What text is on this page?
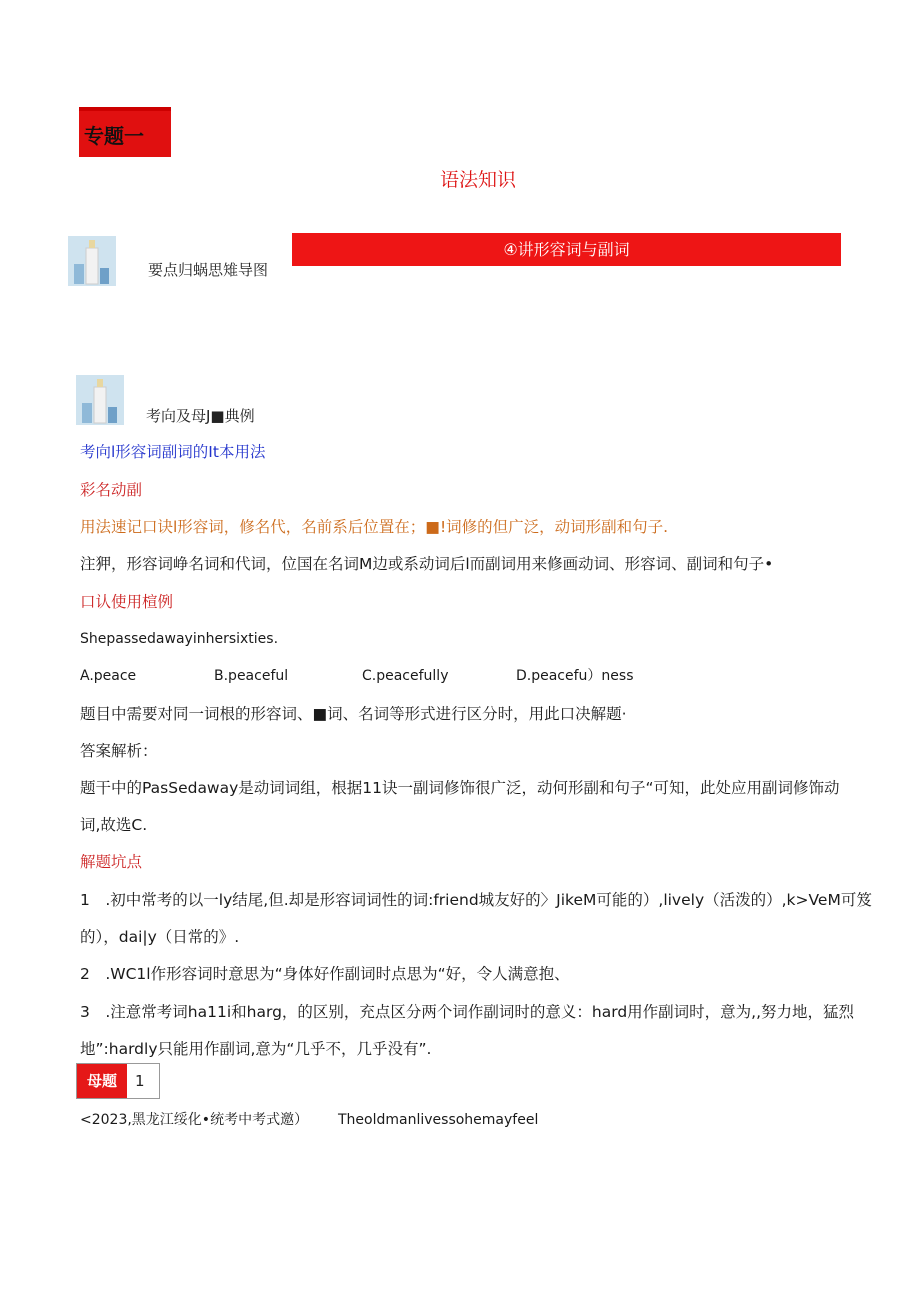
专题一
语法知识
要点归蜗思雉导图
④讲形容词与副词
考向及母J■典例
考向l形容词副词的It本用法
彩名动副
用法速记口诀l形容词，修名代，名前系后位置在；■!词修的但广泛，动词形副和句子.
注狎，形容词峥名词和代词，位国在名词M边或系动词后l而副词用来修画动词、形容词、副词和句子•
口认使用楦例
Shepassedawayinhersixties.
A.peace	B.peaceful	C.peacefully	D.peacefu）ness
题目中需要对同一词根的形容词、■词、名词等形式进行区分时，用此口决解题·
答案解析：
题干中的PasSedaway是动词词组，根据11诀一副词修饰很广泛，动何形副和句子“可知，此处应用副词修饰动
词,故选C.
解题坑点
1　.初中常考的以一ly结尾,但.却是形容词词性的词:friend城友好的〉JikeM可能的）,lively（活泼的）,k>VeM可笈
的），dai|y（日常的》.
2　.WC1l作形容词时意思为“身体好作副词时点思为“好，令人满意抱、
3　.注意常考词ha11i和harg，的区别，充点区分两个词作副词时的意义：hard用作副词时，意为,,努力地，猛烈
地”:hardly只能用作副词,意为“几乎不，几乎没有”.
母题	1
<2023,黑龙江绥化•统考中考式邀） Theoldmanlivessohemayfeel
